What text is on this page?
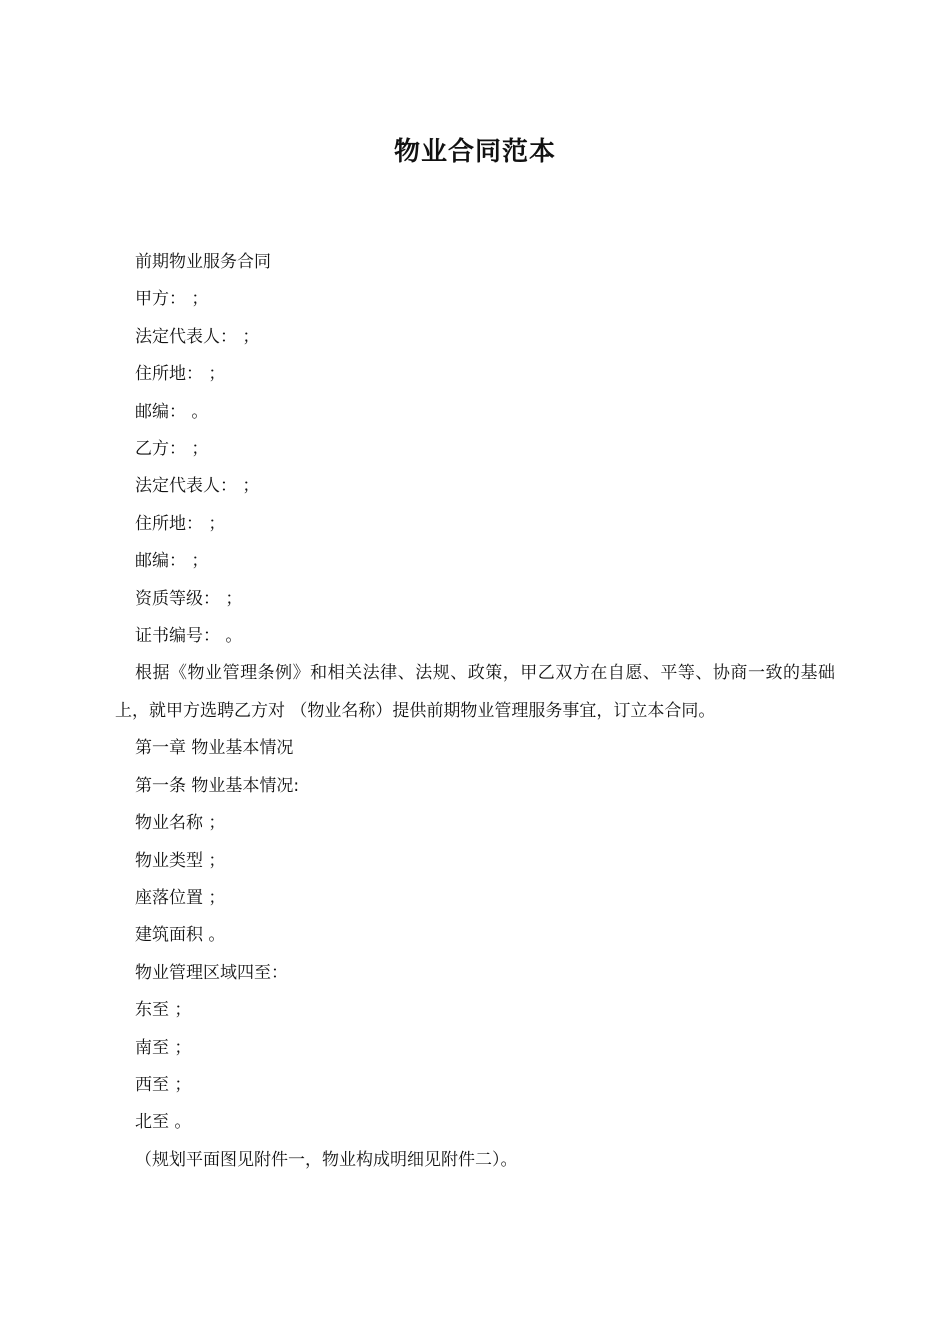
物业合同范本

前期物业服务合同

甲方： ；

法定代表人： ；

住所地： ；

邮编： 。

乙方： ；

法定代表人： ；

住所地： ；

邮编： ；

资质等级： ；

证书编号： 。

根据《物业管理条例》和相关法律、法规、政策，甲乙双方在自愿、平等、协商一致的基础上，就甲方选聘乙方对 （物业名称）提供前期物业管理服务事宜，订立本合同。

第一章 物业基本情况

第一条 物业基本情况:

物业名称 ；

物业类型 ；

座落位置 ；

建筑面积 。

物业管理区域四至：

东至 ；

南至 ；

西至 ；

北至 。

（规划平面图见附件一，物业构成明细见附件二）。
